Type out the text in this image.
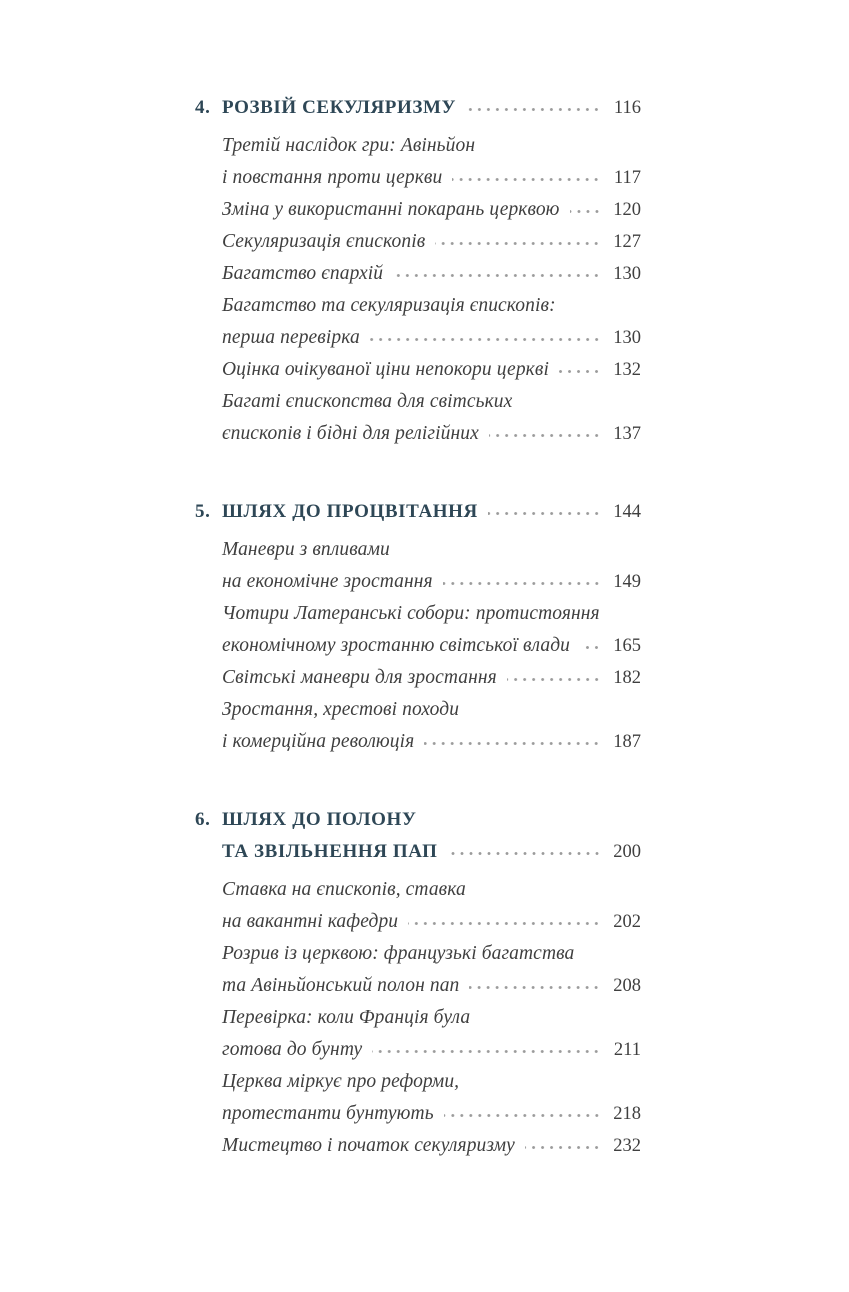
4. РОЗВІЙ СЕКУЛЯРИЗМУ	116
Третій наслідок гри: Авіньйон
і повстання проти церкви	117
Зміна у використанні покарань церквою	120
Секуляризація єпископів	127
Багатство єпархій	130
Багатство та секуляризація єпископів:
перша перевірка	130
Оцінка очікуваної ціни непокори церкві	132
Багаті єпископства для світських
єпископів і бідні для релігійних	137
5. ШЛЯХ ДО ПРОЦВІТАННЯ	144
Маневри з впливами
на економічне зростання	149
Чотири Латеранські собори: протистояння
економічному зростанню світської влади	165
Світські маневри для зростання	182
Зростання, хрестові походи
і комерційна революція	187
6. ШЛЯХ ДО ПОЛОНУ
ТА ЗВІЛЬНЕННЯ ПАП	200
Ставка на єпископів, ставка
на вакантні кафедри	202
Розрив із церквою: французькі багатства
та Авіньйонський полон пап	208
Перевірка: коли Франція була
готова до бунту	211
Церква міркує про реформи,
протестанти бунтують	218
Мистецтво і початок секуляризму	232
